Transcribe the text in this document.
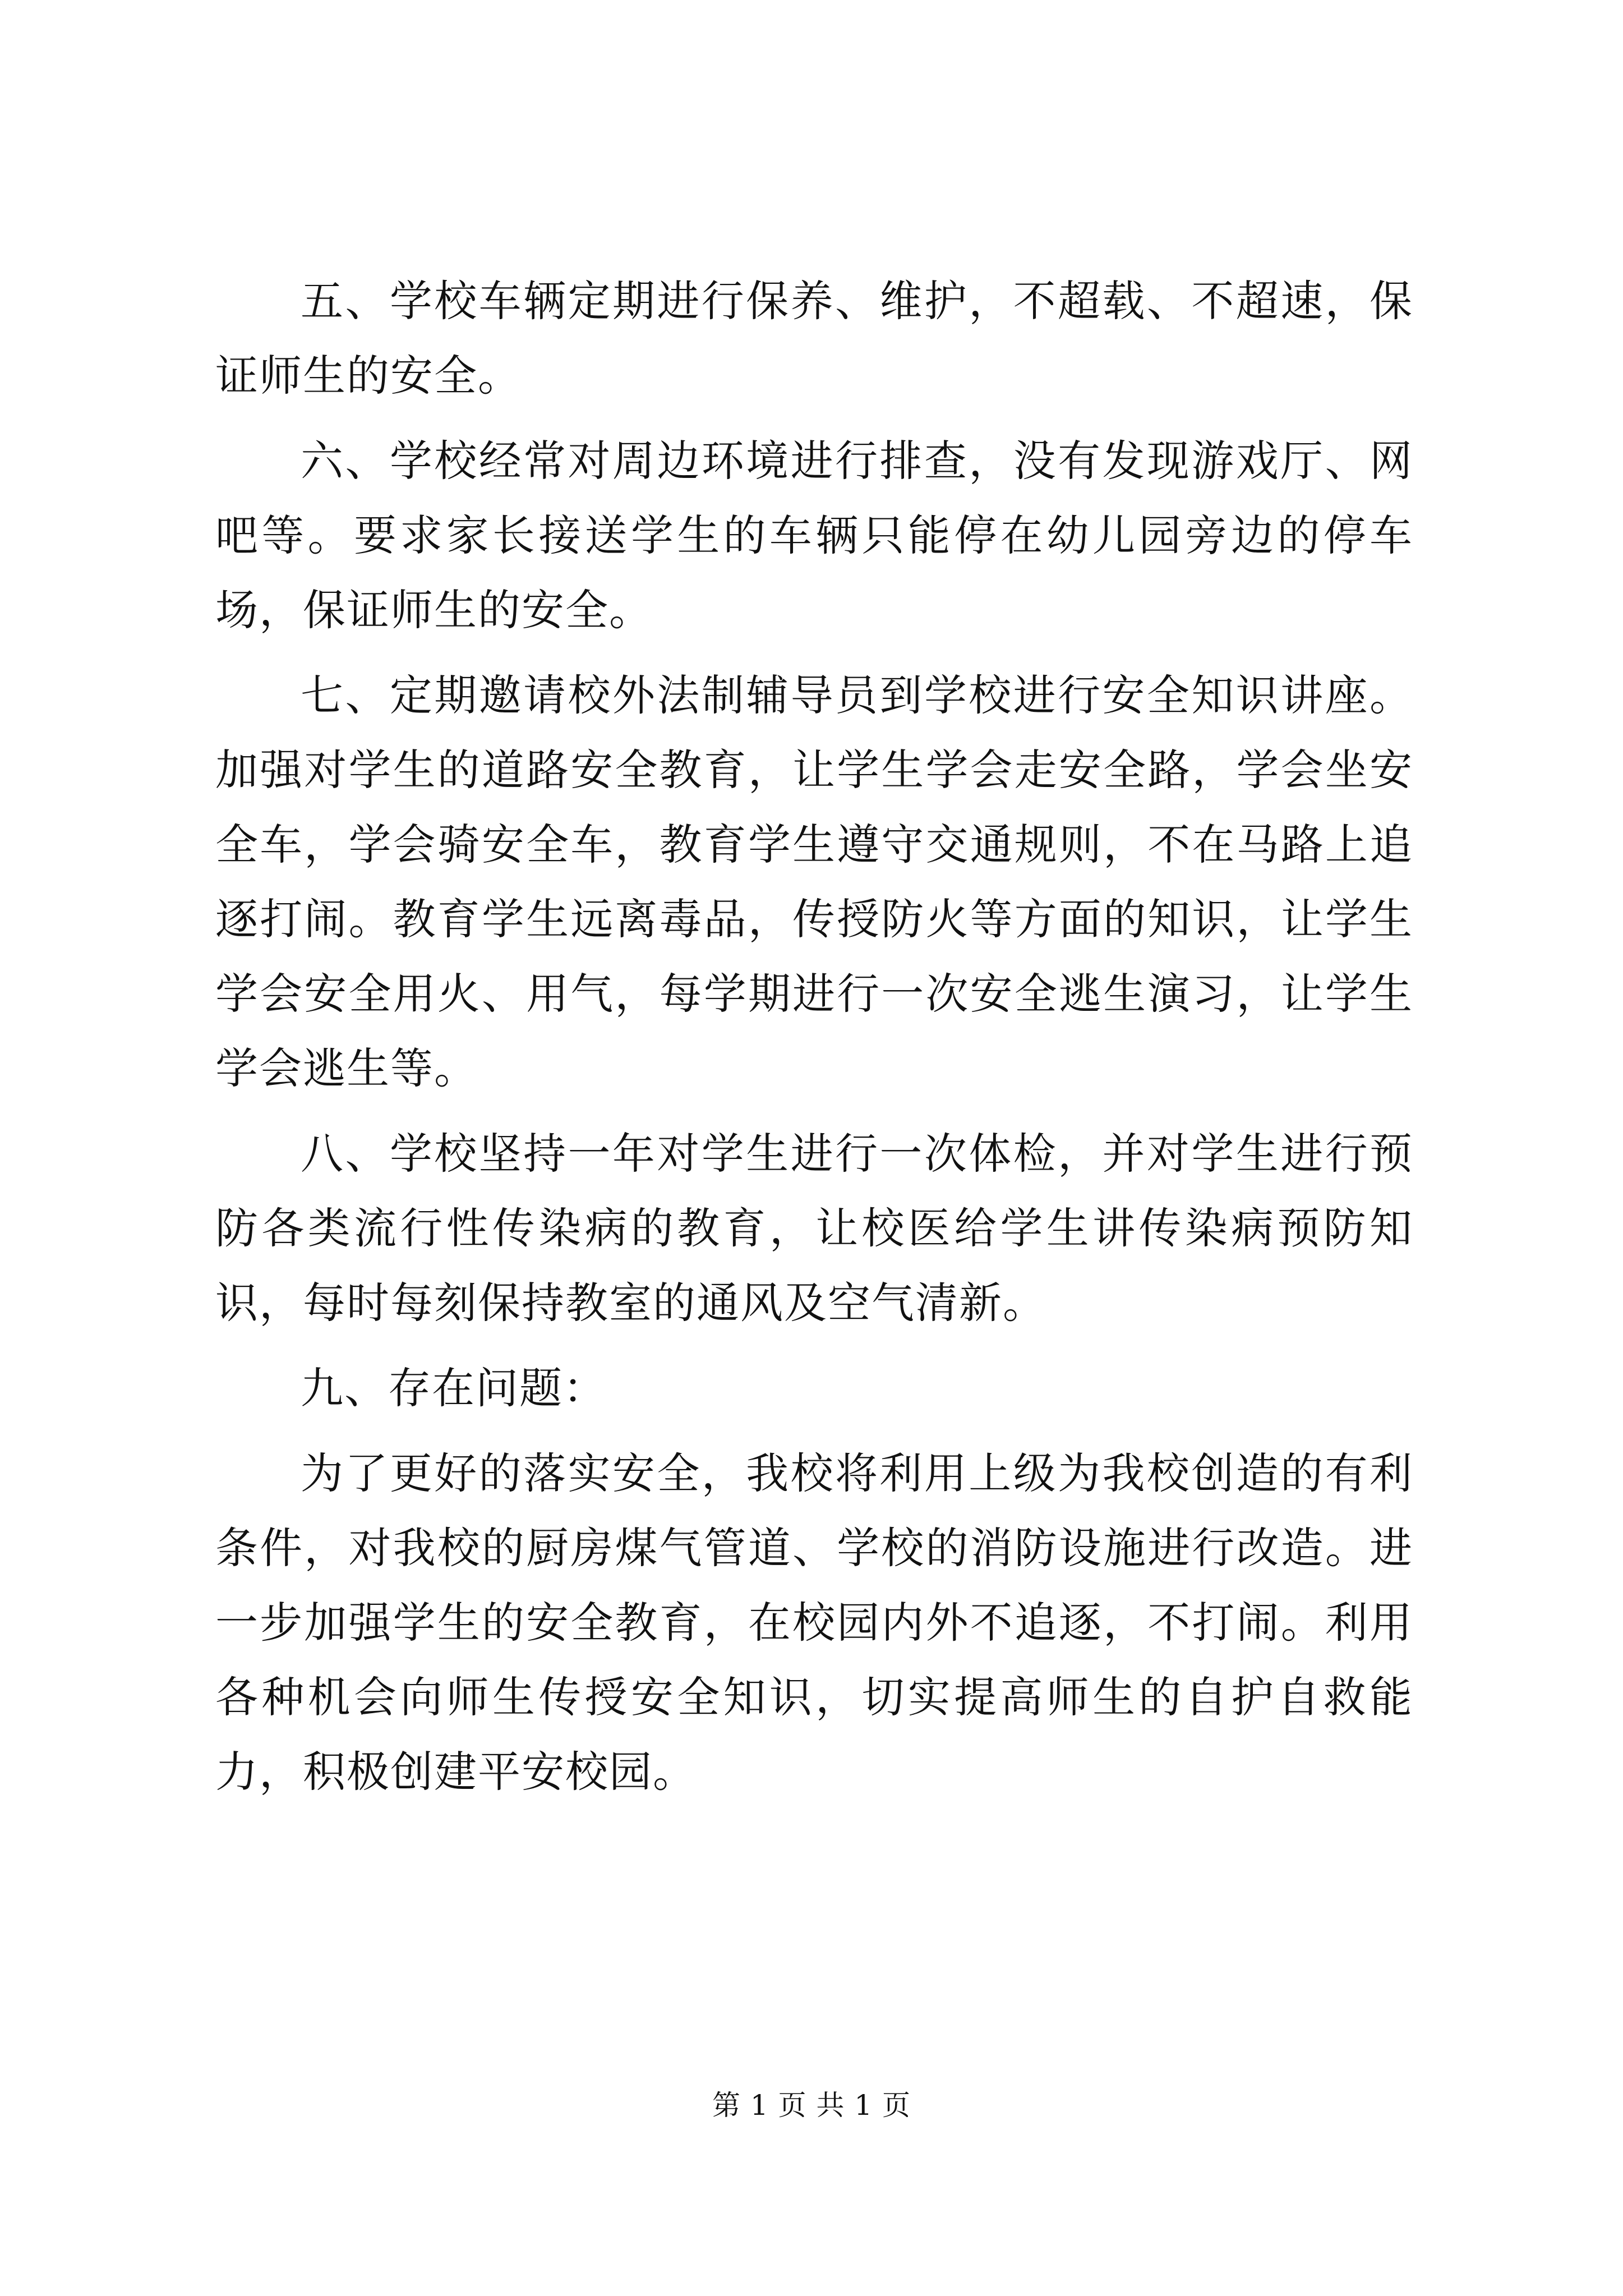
五、学校车辆定期进行保养、维护，不超载、不超速，保证师生的安全。

六、学校经常对周边环境进行排查，没有发现游戏厅、网吧等。要求家长接送学生的车辆只能停在幼儿园旁边的停车场，保证师生的安全。

七、定期邀请校外法制辅导员到学校进行安全知识讲座。加强对学生的道路安全教育，让学生学会走安全路，学会坐安全车，学会骑安全车，教育学生遵守交通规则，不在马路上追逐打闹。教育学生远离毒品，传授防火等方面的知识，让学生学会安全用火、用气，每学期进行一次安全逃生演习，让学生学会逃生等。

八、学校坚持一年对学生进行一次体检，并对学生进行预防各类流行性传染病的教育，让校医给学生讲传染病预防知识，每时每刻保持教室的通风及空气清新。

九、存在问题：

为了更好的落实安全，我校将利用上级为我校创造的有利条件，对我校的厨房煤气管道、学校的消防设施进行改造。进一步加强学生的安全教育，在校园内外不追逐，不打闹。利用各种机会向师生传授安全知识，切实提高师生的自护自救能力，积极创建平安校园。

第 1 页 共 1 页
